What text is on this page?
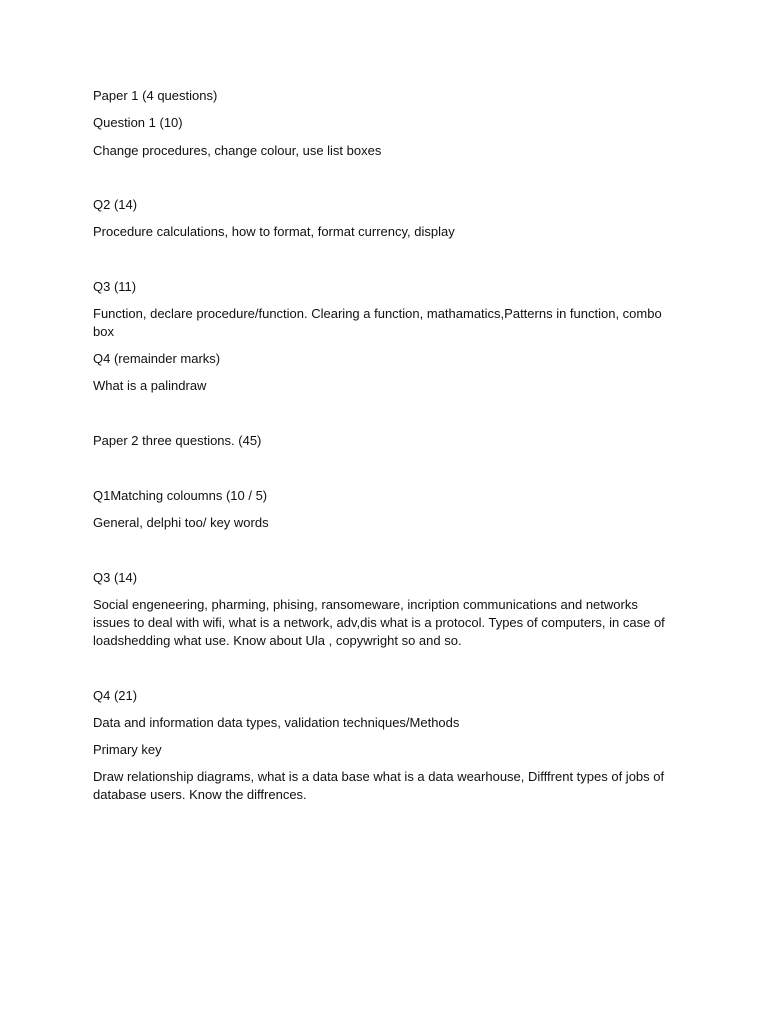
Paper 1 (4 questions)
Question 1 (10)
Change procedures, change colour, use list boxes
Q2 (14)
Procedure calculations, how to format, format currency, display
Q3 (11)
Function, declare procedure/function. Clearing a function, mathamatics,Patterns in function, combo box
Q4 (remainder marks)
What is a palindraw
Paper 2 three questions. (45)
Q1Matching coloumns (10 / 5)
General, delphi too/ key words
Q3 (14)
Social engeneering, pharming, phising, ransomeware, incription communications and networks issues to deal with wifi, what is a network, adv,dis what is a protocol. Types of computers, in case of loadshedding what use. Know about Ula , copywright so and so.
Q4 (21)
Data and information data types, validation techniques/Methods
Primary key
Draw relationship diagrams, what is a data base what is a data wearhouse, Difffrent types of jobs of database users. Know the diffrences.
